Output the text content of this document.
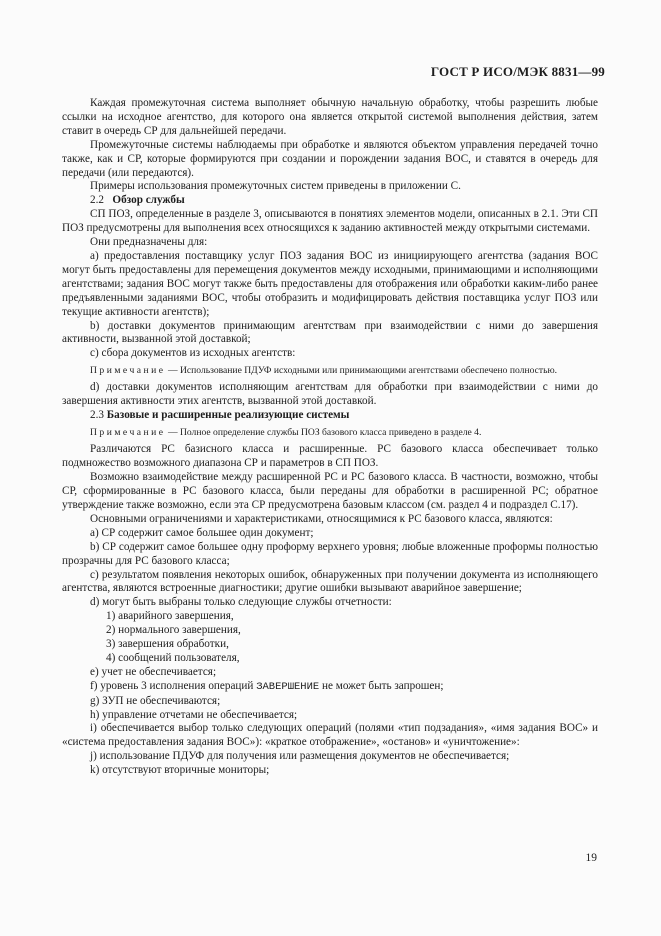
ГОСТ Р ИСО/МЭК 8831—99

Каждая промежуточная система выполняет обычную начальную обработку, чтобы разрешить любые ссылки на исходное агентство, для которого она является открытой системой выполнения действия, затем ставит в очередь СР для дальнейшей передачи.

Промежуточные системы наблюдаемы при обработке и являются объектом управления передачей точно также, как и СР, которые формируются при создании и порождении задания ВОС, и ставятся в очередь для передачи (или передаются).

Примеры использования промежуточных систем приведены в приложении С.

2.2 Обзор службы

СП ПОЗ, определенные в разделе 3, описываются в понятиях элементов модели, описанных в 2.1. Эти СП ПОЗ предусмотрены для выполнения всех относящихся к заданию активностей между открытыми системами.

Они предназначены для:

а) предоставления поставщику услуг ПОЗ задания ВОС из инициирующего агентства (задания ВОС могут быть предоставлены для перемещения документов между исходными, принимающими и исполняющими агентствами; задания ВОС могут также быть предоставлены для отображения или обработки каким-либо ранее предъявленными заданиями ВОС, чтобы отобразить и модифицировать действия поставщика услуг ПОЗ или текущие активности агентств);

b) доставки документов принимающим агентствам при взаимодействии с ними до завершения активности, вызванной этой доставкой;

с) сбора документов из исходных агентств:

Примечание — Использование ПДУФ исходными или принимающими агентствами обеспечено полностью.

d) доставки документов исполняющим агентствам для обработки при взаимодействии с ними до завершения активности этих агентств, вызванной этой доставкой.

2.3 Базовые и расширенные реализующие системы

Примечание — Полное определение службы ПОЗ базового класса приведено в разделе 4.

Различаются РС базисного класса и расширенные. РС базового класса обеспечивает только подмножество возможного диапазона СР и параметров в СП ПОЗ.

Возможно взаимодействие между расширенной РС и РС базового класса. В частности, возможно, чтобы СР, сформированные в РС базового класса, были переданы для обработки в расширенной РС; обратное утверждение также возможно, если эта СР предусмотрена базовым классом (см. раздел 4 и подраздел С.17).

Основными ограничениями и характеристиками, относящимися к РС базового класса, являются:

а) СР содержит самое большее один документ;

b) СР содержит самое большее одну проформу верхнего уровня; любые вложенные проформы полностью прозрачны для РС базового класса;

с) результатом появления некоторых ошибок, обнаруженных при получении документа из исполняющего агентства, являются встроенные диагностики; другие ошибки вызывают аварийное завершение;

d) могут быть выбраны только следующие службы отчетности:

1) аварийного завершения,

2) нормального завершения,

3) завершения обработки,

4) сообщений пользователя,

е) учет не обеспечивается;

f) уровень 3 исполнения операций ЗАВЕРШЕНИЕ не может быть запрошен;

g) ЗУП не обеспечиваются;

h) управление отчетами не обеспечивается;

i) обеспечивается выбор только следующих операций (полями «тип подзадания», «имя задания ВОС» и «система предоставления задания ВОС»): «краткое отображение», «останов» и «уничтожение»:

j) использование ПДУФ для получения или размещения документов не обеспечивается;

k) отсутствуют вторичные мониторы;

19
